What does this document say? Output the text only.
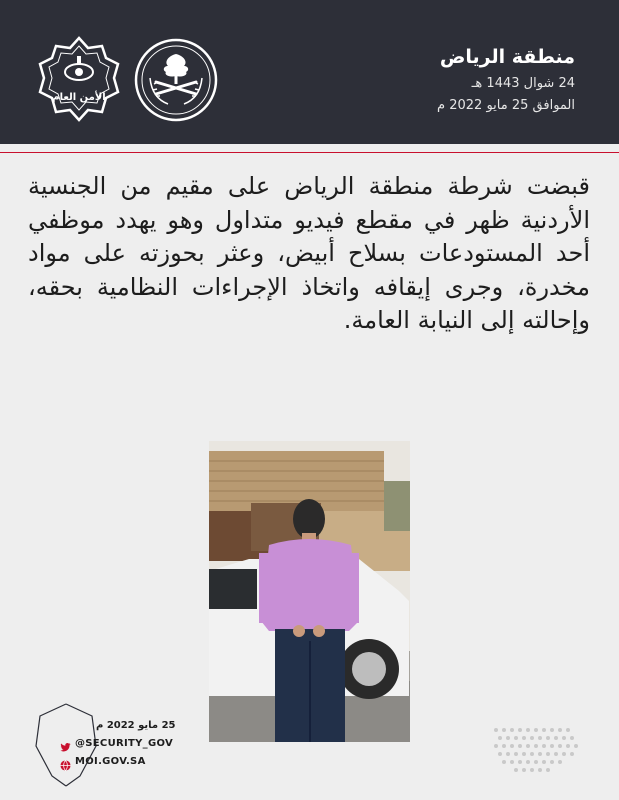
الأمن العام
منطقة الرياض
24 شوال 1443 هـ
الموافق 25 مايو 2022 م
قبضت شرطة منطقة الرياض على مقيم من الجنسية الأردنية ظهر في مقطع فيديو متداول وهو يهدد موظفي أحد المستودعات بسلاح أبيض، وعثر بحوزته على مواد مخدرة، وجرى إيقافه واتخاذ الإجراءات النظامية بحقه، وإحالته إلى النيابة العامة.
25 مايو 2022 م
@SECURITY_GOV
MOI.GOV.SA
